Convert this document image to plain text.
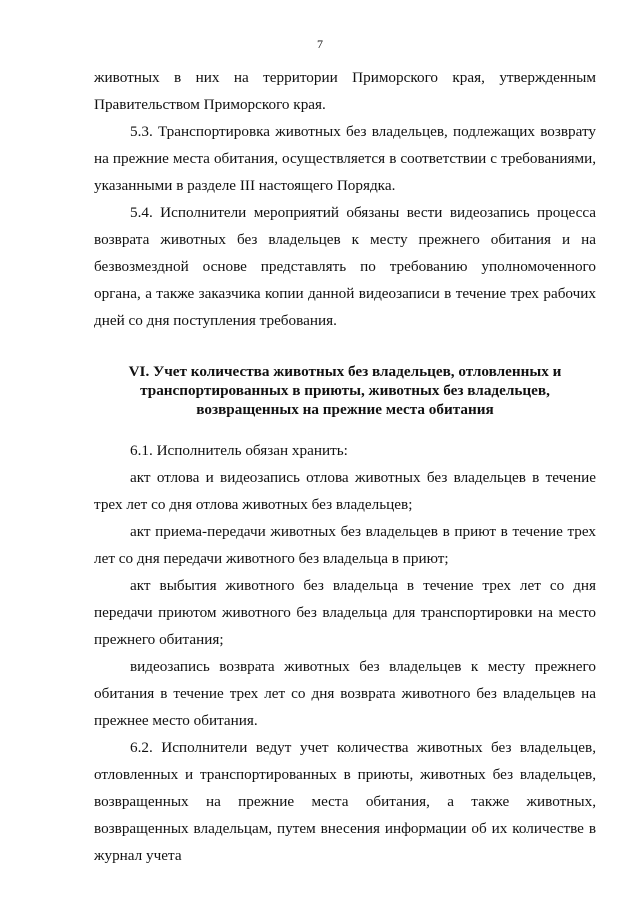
7

животных в них на территории Приморского края, утвержденным Правительством Приморского края.

5.3. Транспортировка животных без владельцев, подлежащих возврату на прежние места обитания, осуществляется в соответствии с требованиями, указанными в разделе III настоящего Порядка.

5.4. Исполнители мероприятий обязаны вести видеозапись процесса возврата животных без владельцев к месту прежнего обитания и на безвозмездной основе представлять по требованию уполномоченного органа, а также заказчика копии данной видеозаписи в течение трех рабочих дней со дня поступления требования.

VI. Учет количества животных без владельцев, отловленных и
транспортированных в приюты, животных без владельцев,
возвращенных на прежние места обитания

6.1. Исполнитель обязан хранить:

акт отлова и видеозапись отлова животных без владельцев в течение трех лет со дня отлова животных без владельцев;

акт приема-передачи животных без владельцев в приют в течение трех лет со дня передачи животного без владельца в приют;

акт выбытия животного без владельца в течение трех лет со дня передачи приютом животного без владельца для транспортировки на место прежнего обитания;

видеозапись возврата животных без владельцев к месту прежнего обитания в течение трех лет со дня возврата животного без владельцев на прежнее место обитания.

6.2. Исполнители ведут учет количества животных без владельцев, отловленных и транспортированных в приюты, животных без владельцев, возвращенных на прежние места обитания, а также животных, возвращенных владельцам, путем внесения информации об их количестве в журнал учета
